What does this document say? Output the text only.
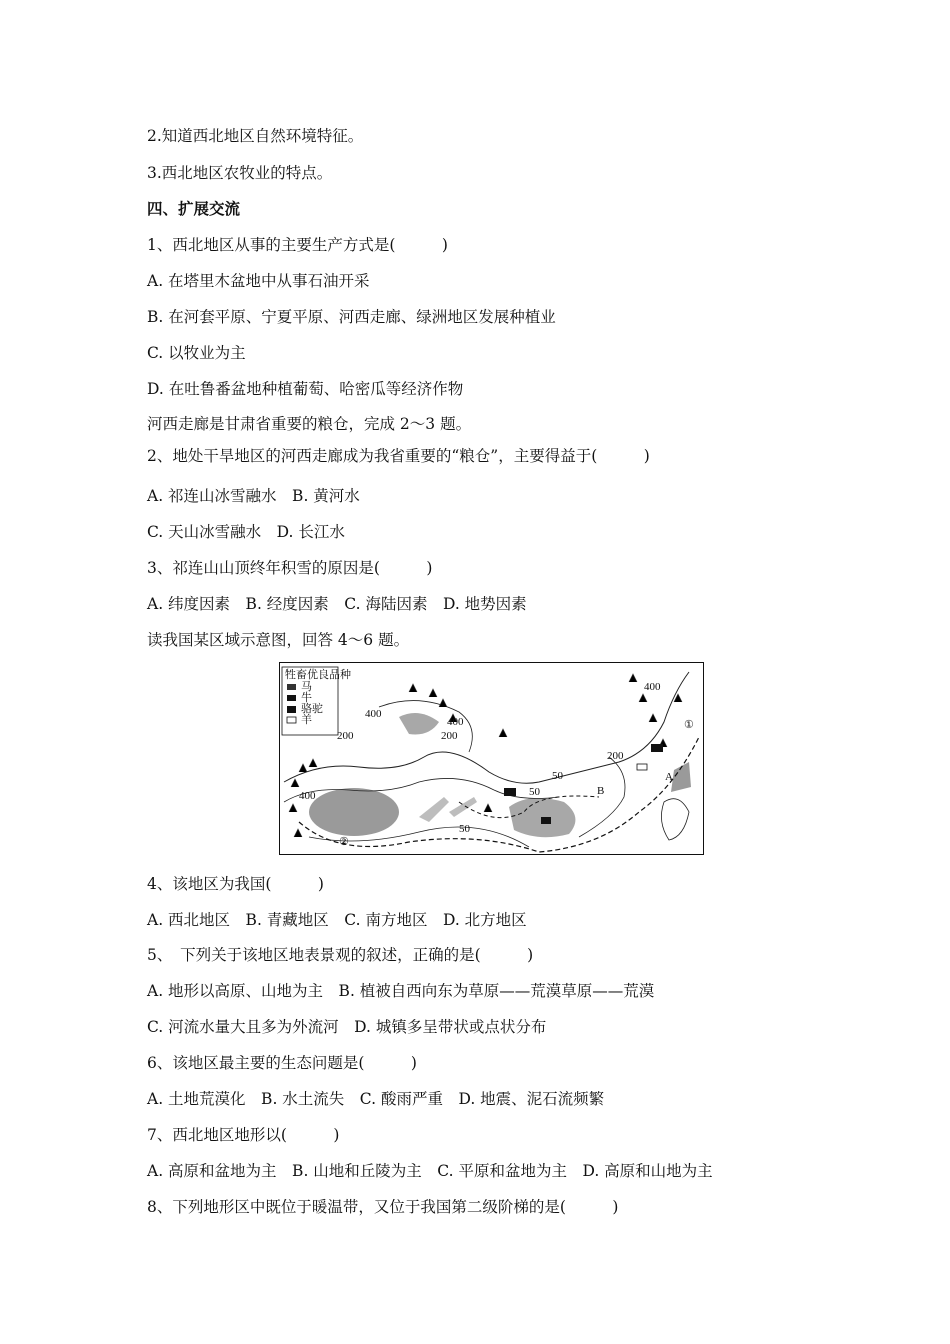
2.知道西北地区自然环境特征。
3.西北地区农牧业的特点。
四、扩展交流
1、西北地区从事的主要生产方式是(　　　)
A. 在塔里木盆地中从事石油开采
B. 在河套平原、宁夏平原、河西走廊、绿洲地区发展种植业
C. 以牧业为主
D. 在吐鲁番盆地种植葡萄、哈密瓜等经济作物
河西走廊是甘肃省重要的粮仓，完成 2～3 题。
2、地处干旱地区的河西走廊成为我省重要的“粮仓”，主要得益于(　　　)
A. 祁连山冰雪融水　B. 黄河水
C. 天山冰雪融水　D. 长江水
3、祁连山山顶终年积雪的原因是(　　　)
A. 纬度因素　B. 经度因素　C. 海陆因素　D. 地势因素
读我国某区域示意图，回答 4～6 题。
牲畜优良品种
马
牛
骆驼
羊	400
200
400
200
400
50
50
200
400
50	A
B
①
②
4、该地区为我国(　　　)
A. 西北地区　B. 青藏地区　C. 南方地区　D. 北方地区
5、　下列关于该地区地表景观的叙述，正确的是(　　　)
A. 地形以高原、山地为主　B. 植被自西向东为草原——荒漠草原——荒漠
C. 河流水量大且多为外流河　D. 城镇多呈带状或点状分布
6、该地区最主要的生态问题是(　　　)
A. 土地荒漠化　B. 水土流失　C. 酸雨严重　D. 地震、泥石流频繁
7、西北地区地形以(　　　)
A. 高原和盆地为主　B. 山地和丘陵为主　C. 平原和盆地为主　D. 高原和山地为主
8、下列地形区中既位于暖温带，又位于我国第二级阶梯的是(　　　)
